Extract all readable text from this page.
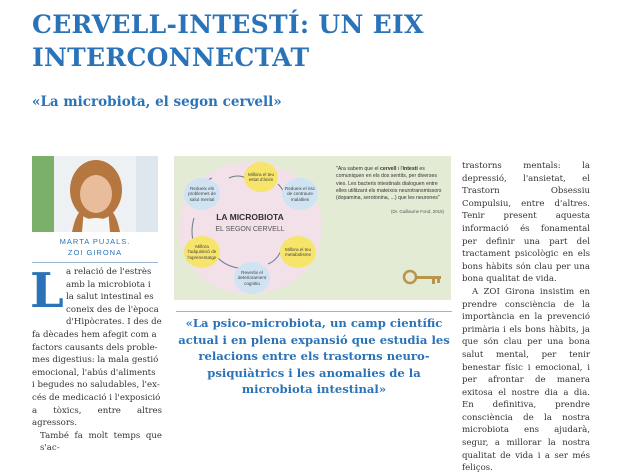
CERVELL-INTESTÍ: UN EIX
INTERCONNECTAT
«La microbiota, el segon cervell»
MARTA PUJALS.
ZOI GIRONA
L a relació de l'estrès
amb la microbiota i
la salut intestinal es
coneix des de l'època
d'Hipòcrates. I des de
fa dècades hem afegit com a
factors causants dels proble-
mes digestius: la mala gestió
emocional, l'abús d'aliments
i begudes no saludables, l'ex-
cés de medicació i l'exposició
a tòxics, entre altres agressors.
També fa molt temps que s'ac-
Millora el teu estat d'ànim
Redueix el risc de contraure malalties
Millora el teu metabolisme
Revertix el deteriorament cognitiu
Millora l'adquisició de l'aprenentatge
Redueix els problemes de salut mental
LA MICROBIOTA
EL SEGON CERVELL
"Ara sabem que el cervell i l'intestí es comuniquen en els dos sentits, per diverses vies. Les bacteris intestinals dialoguen entre elles utilitzant els mateixos neurotransmissors (dopamina, serotonina, ...) que les neurones"
(Dr. Guillaume Fond, 2015)
«La psico-microbiota, un camp científic actual i en plena expansió que estudia les relacions entre els trastorns neuro-psiquiàtrics i les anomalies de la microbiota intestinal»

trastorns mentals: la depressió, l'ansietat, el Trastorn Obsessiu Compulsiu, entre d'altres. Tenir present aquesta informació és fonamental per definir una part del tractament psicològic en els bons hàbits són clau per una bona qualitat de vida.

A ZOI Girona insistim en prendre consciència de la importància en la prevenció primària i els bons hàbits, ja que són clau per una bona salut mental, per tenir benestar físic i emocional, i per afrontar de manera exitosa el nostre dia a dia. En definitiva, prendre consciència de la nostra microbiota ens ajudarà, segur, a millorar la nostra qualitat de vida i a ser més feliços.
